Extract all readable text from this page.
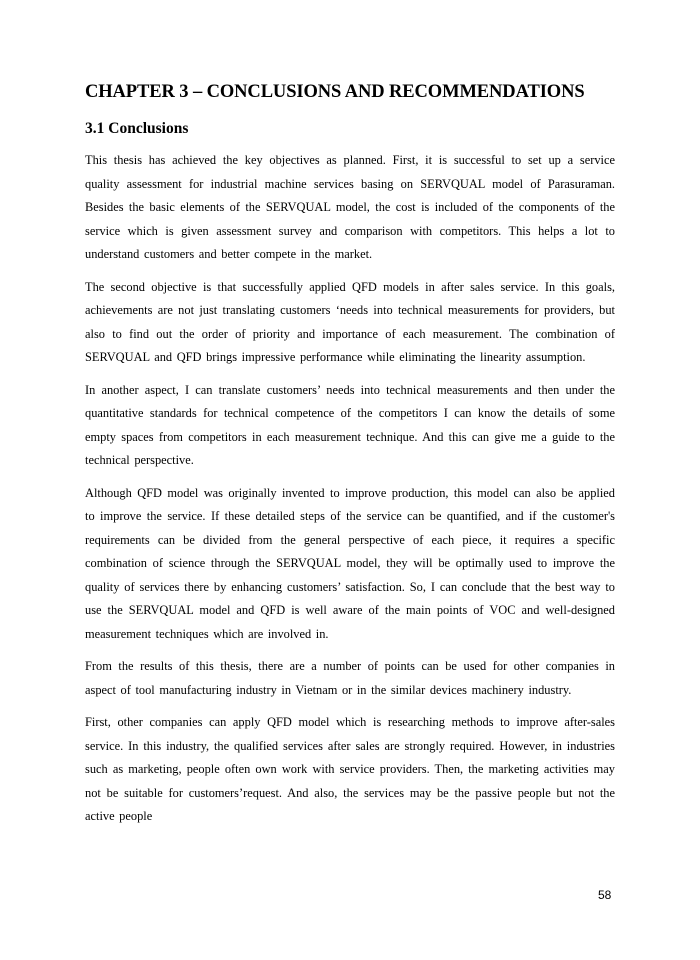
CHAPTER 3 – CONCLUSIONS AND RECOMMENDATIONS
3.1 Conclusions

This thesis has achieved the key objectives as planned. First, it is successful to set up a service quality assessment for industrial machine services basing on SERVQUAL model of Parasuraman. Besides the basic elements of the SERVQUAL model, the cost is included of the components of the service which is given assessment survey and comparison with competitors. This helps a lot to understand customers and better compete in the market.

The second objective is that successfully applied QFD models in after sales service. In this goals, achievements are not just translating customers ‘needs into technical measurements for providers, but also to find out the order of priority and importance of each measurement. The combination of SERVQUAL and QFD brings impressive performance while eliminating the linearity assumption.

In another aspect, I can translate customers’ needs into technical measurements and then under the quantitative standards for technical competence of the competitors I can know the details of some empty spaces from competitors in each measurement technique. And this can give me a guide to the technical perspective.

Although QFD model was originally invented to improve production, this model can also be applied to improve the service. If these detailed steps of the service can be quantified, and if the customer's requirements can be divided from the general perspective of each piece, it requires a specific combination of science through the SERVQUAL model, they will be optimally used to improve the quality of services there by enhancing customers’ satisfaction. So, I can conclude that the best way to use the SERVQUAL model and QFD is well aware of the main points of VOC and well-designed measurement techniques which are involved in.

From the results of this thesis, there are a number of points can be used for other companies in aspect of tool manufacturing industry in Vietnam or in the similar devices machinery industry.

First, other companies can apply QFD model which is researching methods to improve after-sales service. In this industry, the qualified services after sales are strongly required. However, in industries such as marketing, people often own work with service providers. Then, the marketing activities may not be suitable for customers’request. And also, the services may be the passive people but not the active people

58
